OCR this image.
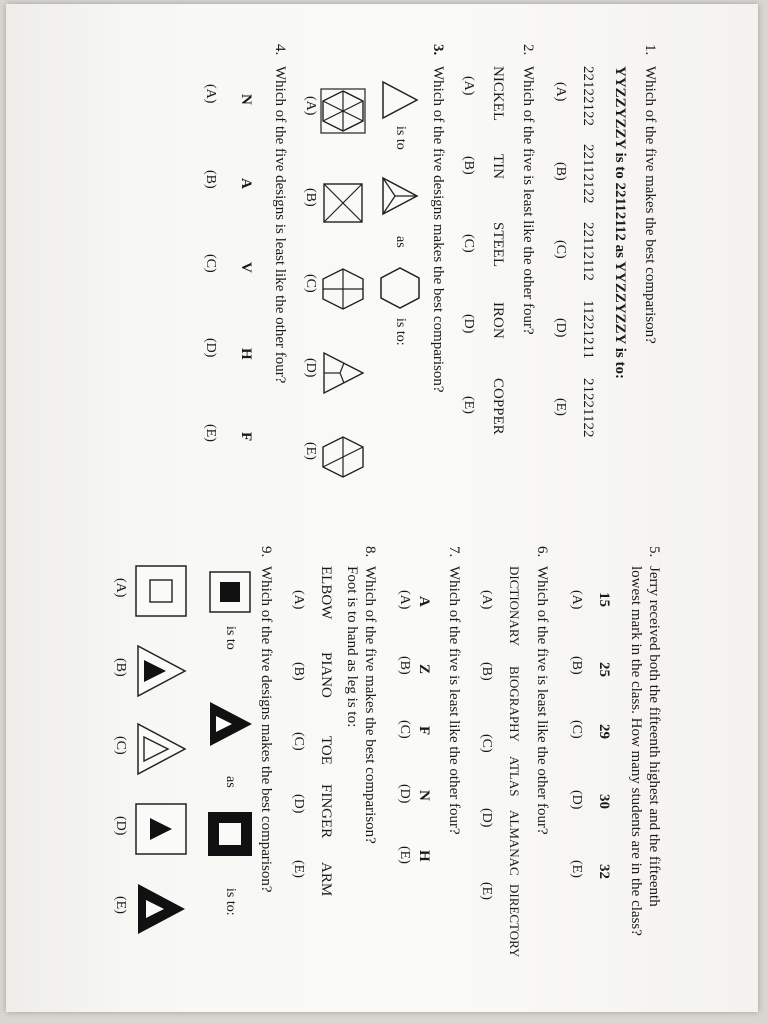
1.
Which of the five makes the best comparison?
YYZZYZZY is to 22112112 as YYZZYZZY is to:
22122122
22112122
22112112
11221211
21221122
(A)
(B)
(C)
(D)
(E)
2.
Which of the five is least like the other four?
NICKEL
TIN
STEEL
IRON
COPPER
(A)
(B)
(C)
(D)
(E)
3.
Which of the five designs makes the best comparison?
is to
as
is to:
(A)
(B)
(C)
(D)
(E)
4.
Which of the five designs is least like the other four?
N
A
V
H
F
(A)
(B)
(C)
(D)
(E)
5.
Jerry received both the fifteenth highest and the fifteenth
lowest mark in the class. How many students are in the class?
15
25
29
30
32
(A)
(B)
(C)
(D)
(E)
6.
Which of the five is least like the other four?
DICTIONARY
BIOGRAPHY
ATLAS
ALMANAC
DIRECTORY
(A)
(B)
(C)
(D)
(E)
7.
Which of the five is least like the other four?
A
Z
F
N
H
(A)
(B)
(C)
(D)
(E)
8.
Which of the five makes the best comparison?
Foot is to hand as leg is to:
ELBOW
PIANO
TOE
FINGER
ARM
(A)
(B)
(C)
(D)
(E)
9.
Which of the five designs makes the best comparison?
is to
as
is to:
(A)
(B)
(C)
(D)
(E)
